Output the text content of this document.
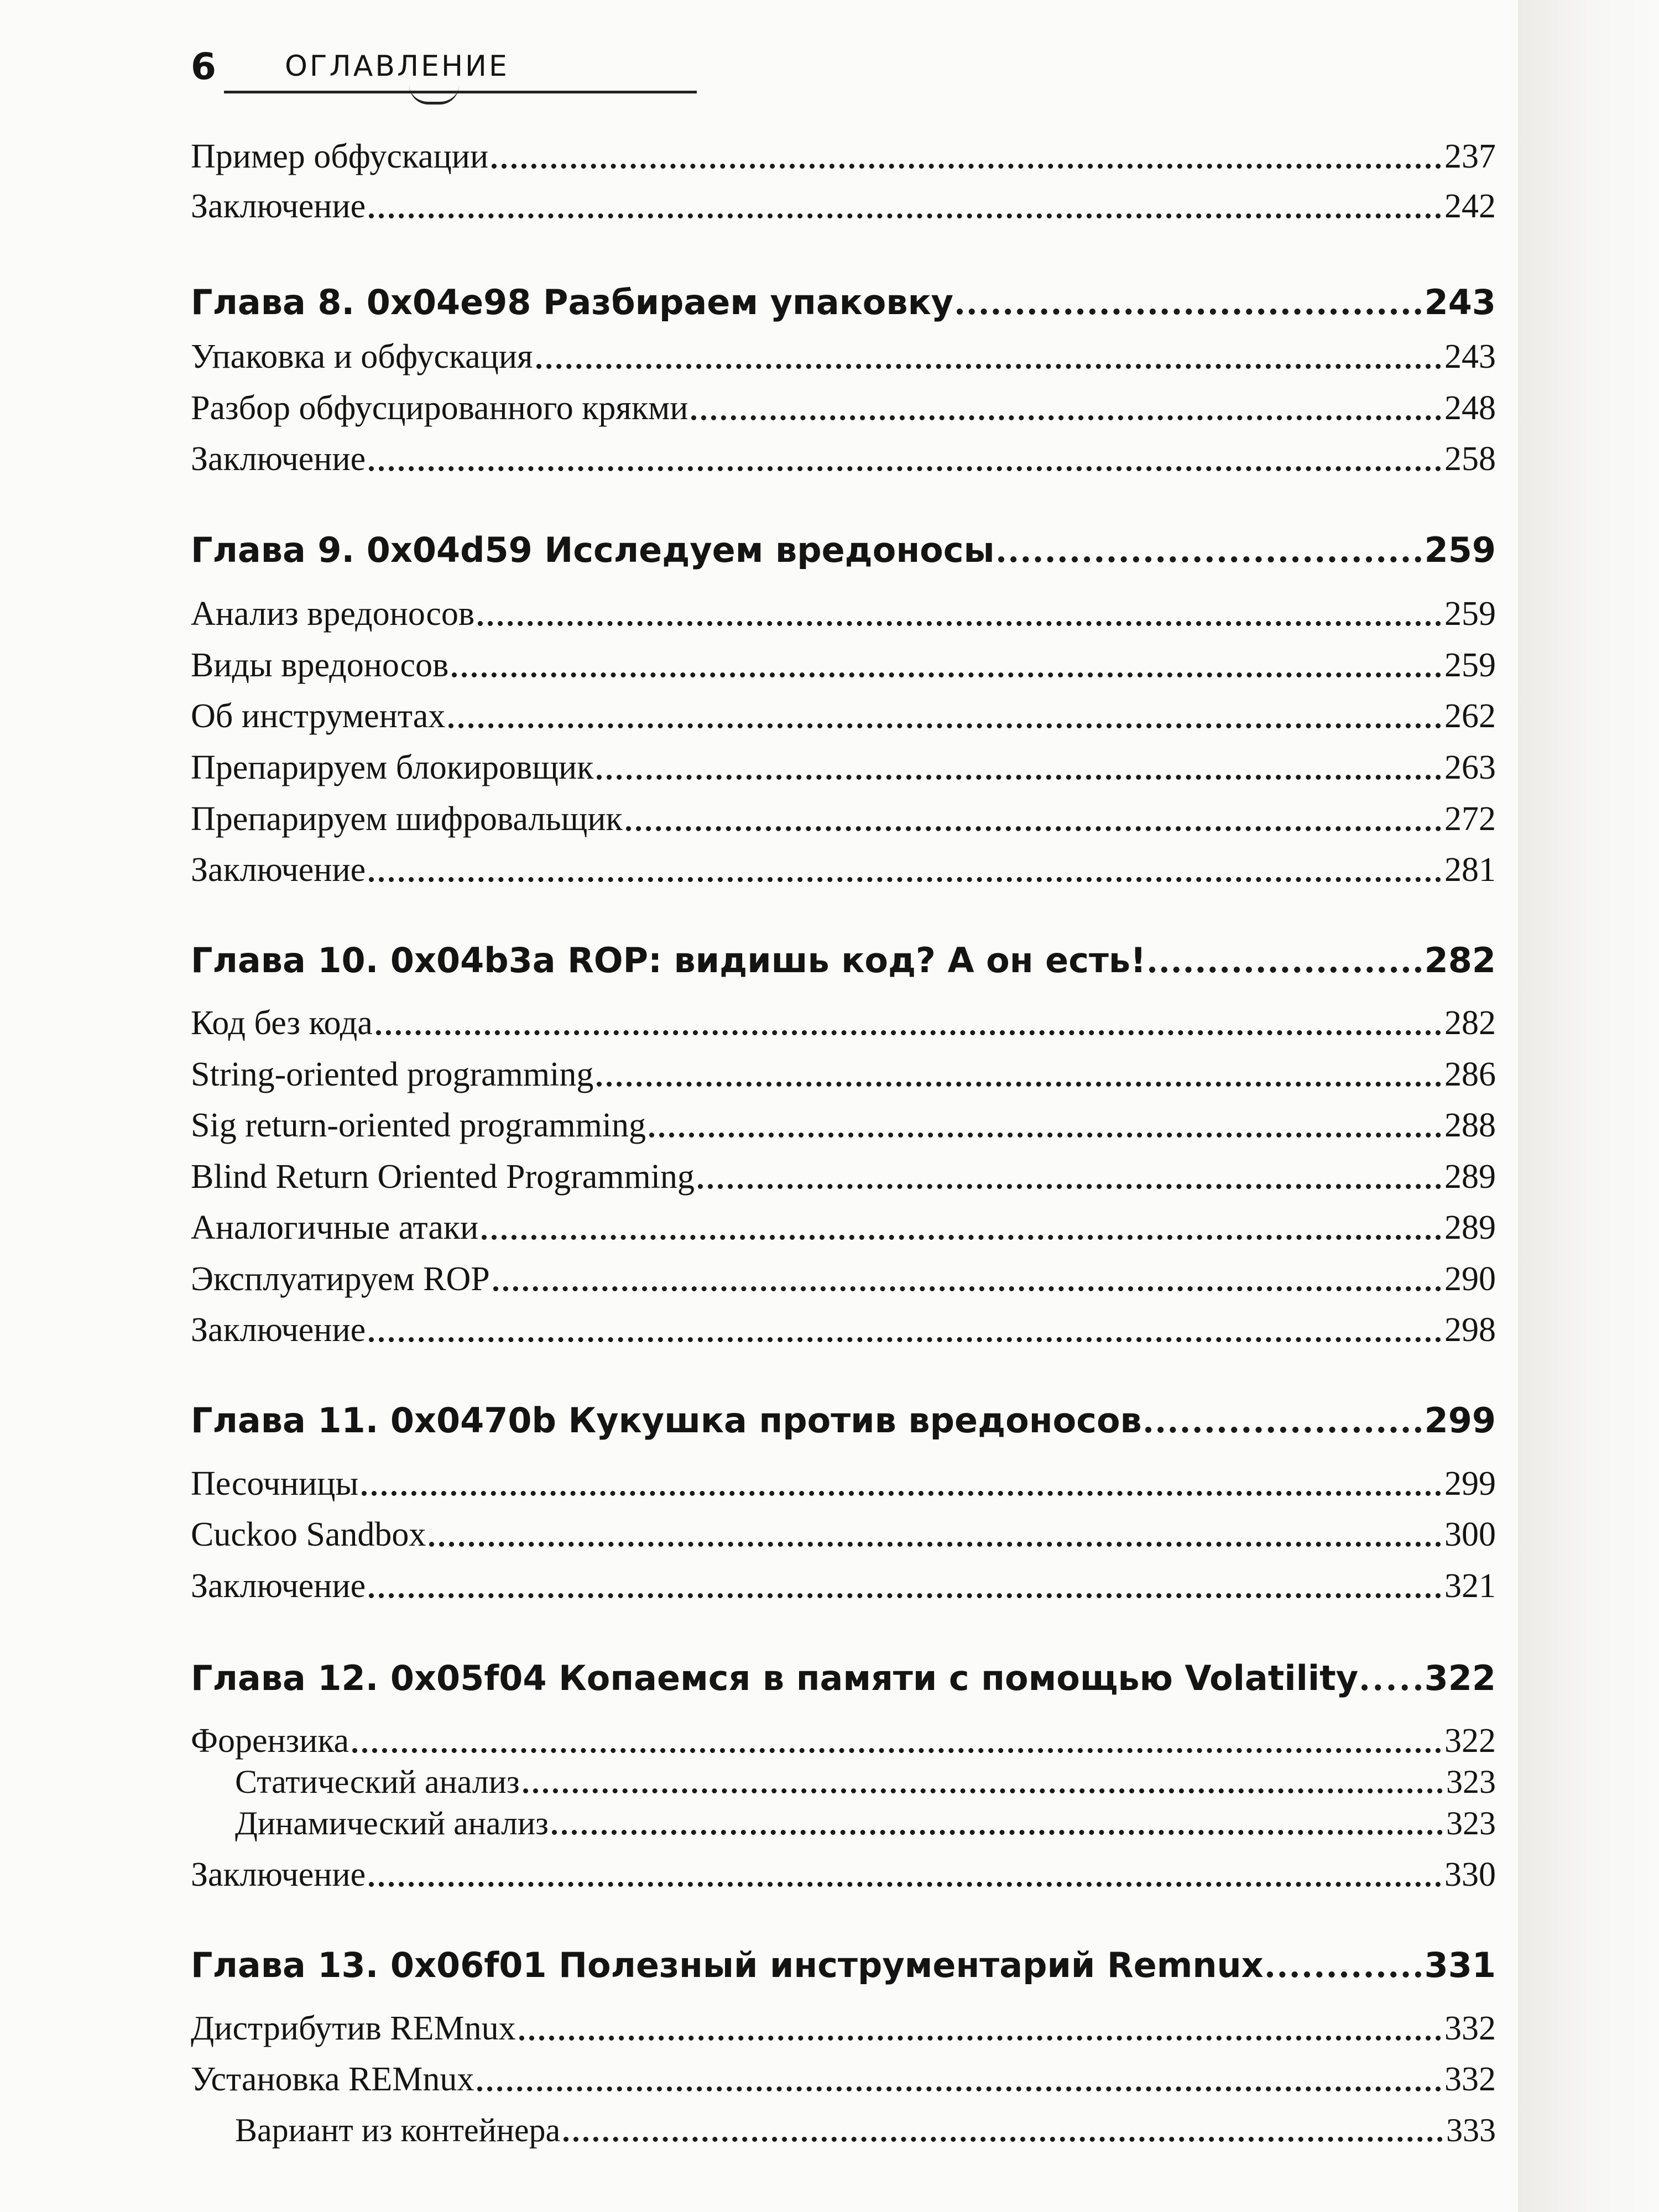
6 ОГЛАВЛЕНИЕ
Пример обфускации	237
Заключение	242
Глава 8. 0x04e98 Разбираем упаковку	243
Упаковка и обфускация	243
Разбор обфусцированного крякми	248
Заключение	258
Глава 9. 0x04d59 Исследуем вредоносы	259
Анализ вредоносов	259
Виды вредоносов	259
Об инструментах	262
Препарируем блокировщик	263
Препарируем шифровальщик	272
Заключение	281
Глава 10. 0x04b3a ROP: видишь код? А он есть!	282
Код без кода	282
String-oriented programming	286
Sig return-oriented programming	288
Blind Return Oriented Programming	289
Аналогичные атаки	289
Эксплуатируем ROP	290
Заключение	298
Глава 11. 0x0470b Кукушка против вредоносов	299
Песочницы	299
Cuckoo Sandbox	300
Заключение	321
Глава 12. 0x05f04 Копаемся в памяти с помощью Volatility 322
Форензика	322
Статический анализ	323
Динамический анализ	323
Заключение	330
Глава 13. 0x06f01 Полезный инструментарий Remnux	331
Дистрибутив REMnux	332
Установка REMnux	332
Вариант из контейнера	333
